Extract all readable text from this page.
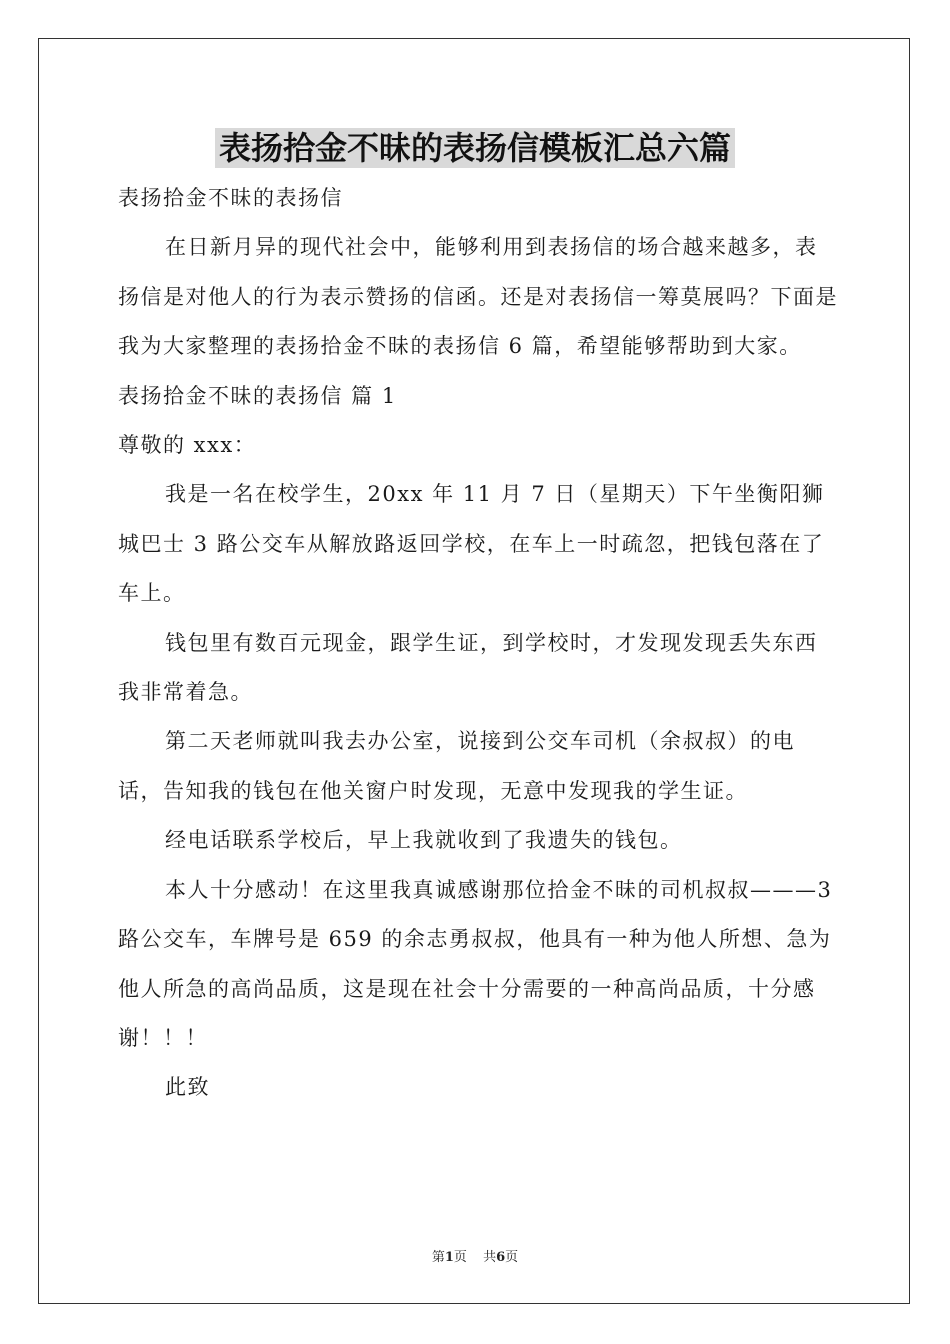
表扬拾金不昧的表扬信模板汇总六篇

表扬拾金不昧的表扬信

在日新月异的现代社会中，能够利用到表扬信的场合越来越多，表扬信是对他人的行为表示赞扬的信函。还是对表扬信一筹莫展吗？下面是我为大家整理的表扬拾金不昧的表扬信 6 篇，希望能够帮助到大家。

表扬拾金不昧的表扬信 篇 1

尊敬的 xxx：

我是一名在校学生，20xx 年 11 月 7 日（星期天）下午坐衡阳狮城巴士 3 路公交车从解放路返回学校，在车上一时疏忽，把钱包落在了车上。

钱包里有数百元现金，跟学生证，到学校时，才发现发现丢失东西我非常着急。

第二天老师就叫我去办公室，说接到公交车司机（余叔叔）的电话，告知我的钱包在他关窗户时发现，无意中发现我的学生证。

经电话联系学校后，早上我就收到了我遗失的钱包。

本人十分感动！在这里我真诚感谢那位拾金不昧的司机叔叔———3 路公交车，车牌号是 659 的余志勇叔叔，他具有一种为他人所想、急为他人所急的高尚品质，这是现在社会十分需要的一种高尚品质，十分感谢！！！

此致

第1页 共6页
